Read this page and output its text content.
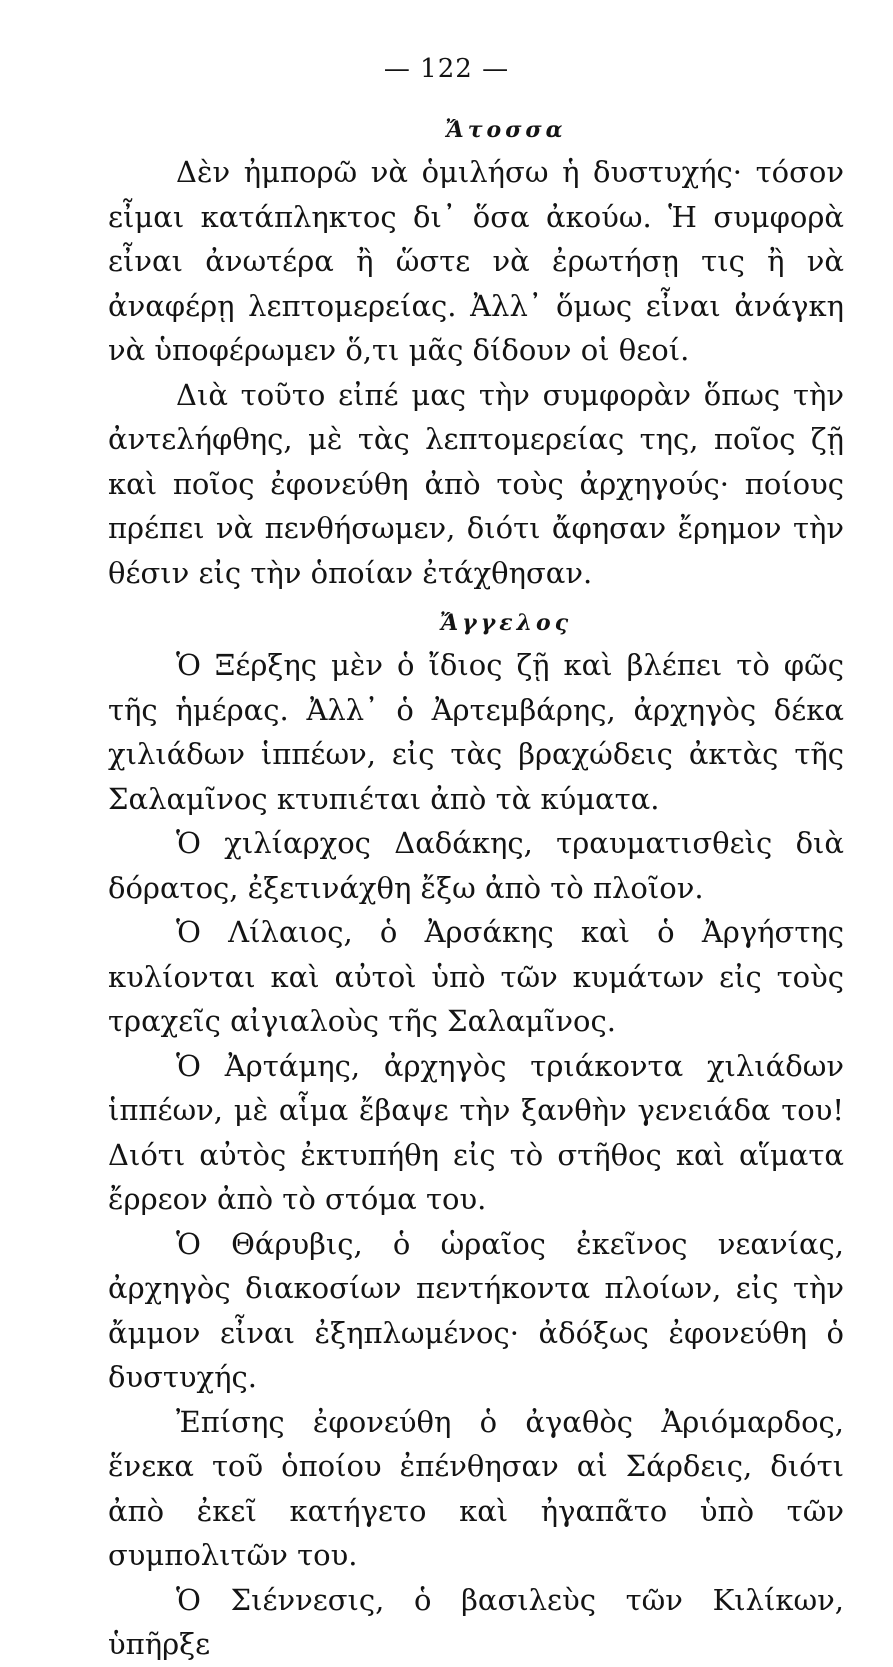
— 122 —

Ἄτοσσα

Δὲν ἠμπορῶ νὰ ὁμιλήσω ἡ δυστυχής· τόσον εἶμαι κατάπληκτος δι᾽ ὅσα ἀκούω. Ἡ συμφορὰ εἶναι ἀνωτέρα ἢ ὥστε νὰ ἐρωτήσῃ τις ἢ νὰ ἀναφέρῃ λεπτομερείας. Ἀλλ᾽ ὅμως εἶναι ἀνάγκη νὰ ὑποφέρωμεν ὅ,τι μᾶς δίδουν οἱ θεοί.

Διὰ τοῦτο εἰπέ μας τὴν συμφορὰν ὅπως τὴν ἀντελήφθης, μὲ τὰς λεπτομερείας της, ποῖος ζῇ καὶ ποῖος ἐφονεύθη ἀπὸ τοὺς ἀρχηγούς· ποίους πρέπει νὰ πενθήσωμεν, διότι ἄφησαν ἔρημον τὴν θέσιν εἰς τὴν ὁποίαν ἐτάχθησαν.

Ἄγγελος

Ὁ Ξέρξης μὲν ὁ ἴδιος ζῇ καὶ βλέπει τὸ φῶς τῆς ἡμέρας. Ἀλλ᾽ ὁ Ἀρτεμβάρης, ἀρχηγὸς δέκα χιλιάδων ἱππέων, εἰς τὰς βραχώδεις ἀκτὰς τῆς Σαλαμῖνος κτυπιέται ἀπὸ τὰ κύματα.

Ὁ χιλίαρχος Δαδάκης, τραυματισθεὶς διὰ δόρατος, ἐξετινάχθη ἔξω ἀπὸ τὸ πλοῖον.

Ὁ Λίλαιος, ὁ Ἀρσάκης καὶ ὁ Ἀργήστης κυλίονται καὶ αὐτοὶ ὑπὸ τῶν κυμάτων εἰς τοὺς τραχεῖς αἰγιαλοὺς τῆς Σαλαμῖνος.

Ὁ Ἀρτάμης, ἀρχηγὸς τριάκοντα χιλιάδων ἱππέων, μὲ αἷμα ἔβαψε τὴν ξανθὴν γενειάδα του! Διότι αὐτὸς ἐκτυπήθη εἰς τὸ στῆθος καὶ αἵματα ἔρρεον ἀπὸ τὸ στόμα του.

Ὁ Θάρυβις, ὁ ὡραῖος ἐκεῖνος νεανίας, ἀρχηγὸς διακοσίων πεντήκοντα πλοίων, εἰς τὴν ἄμμον εἶναι ἐξηπλωμένος· ἀδόξως ἐφονεύθη ὁ δυστυχής.

Ἐπίσης ἐφονεύθη ὁ ἀγαθὸς Ἀριόμαρδος, ἕνεκα τοῦ ὁποίου ἐπένθησαν αἱ Σάρδεις, διότι ἀπὸ ἐκεῖ κατήγετο καὶ ἠγαπᾶτο ὑπὸ τῶν συμπολιτῶν του.

Ὁ Σιέννεσις, ὁ βασιλεὺς τῶν Κιλίκων, ὑπῆρξε
